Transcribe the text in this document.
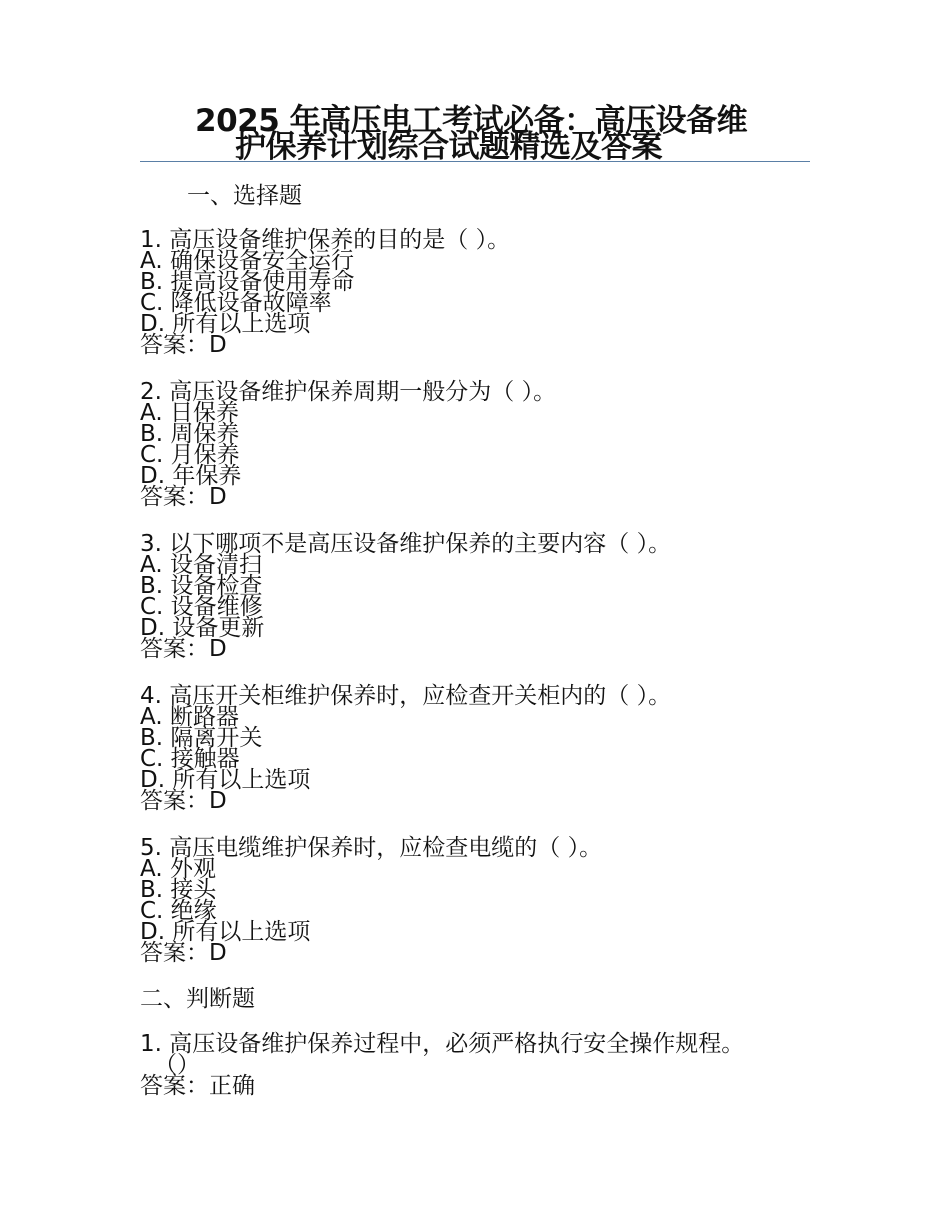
2025 年高压电工考试必备：高压设备维
护保养计划综合试题精选及答案
一、选择题
1. 高压设备维护保养的目的是（ ）。
A. 确保设备安全运行
B. 提高设备使用寿命
C. 降低设备故障率
D. 所有以上选项
答案：D
2. 高压设备维护保养周期一般分为（ ）。
A. 日保养
B. 周保养
C. 月保养
D. 年保养
答案：D
3. 以下哪项不是高压设备维护保养的主要内容（ ）。
A. 设备清扫
B. 设备检查
C. 设备维修
D. 设备更新
答案：D
4. 高压开关柜维护保养时，应检查开关柜内的（ ）。
A. 断路器
B. 隔离开关
C. 接触器
D. 所有以上选项
答案：D
5. 高压电缆维护保养时，应检查电缆的（ ）。
A. 外观
B. 接头
C. 绝缘
D. 所有以上选项
答案：D
二、判断题
1. 高压设备维护保养过程中，必须严格执行安全操作规程。
（）
答案：正确
